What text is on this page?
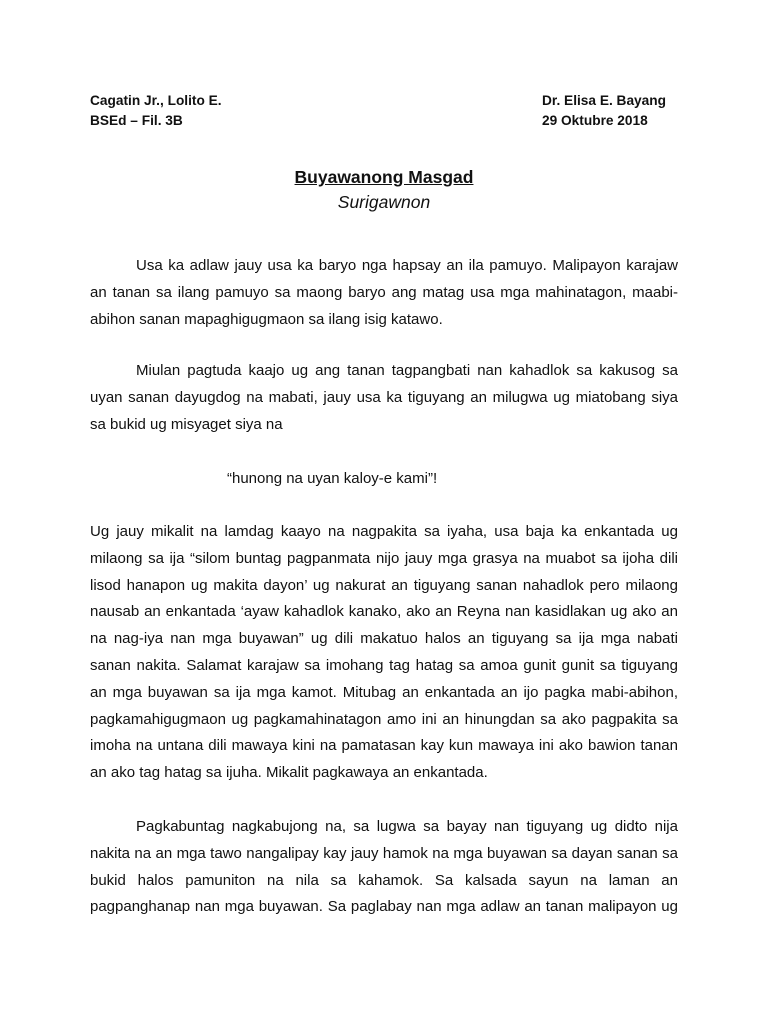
Cagatin Jr., Lolito E.
BSEd – Fil. 3B
Dr. Elisa E. Bayang
29 Oktubre 2018
Buyawanong Masgad
Surigawnon
Usa ka adlaw jauy usa ka baryo nga hapsay an ila pamuyo. Malipayon karajaw
an tanan sa ilang pamuyo sa maong baryo ang matag usa mga mahinatagon, maabi-
abihon sanan mapaghigugmaon sa ilang isig katawo.
Miulan pagtuda kaajo ug ang tanan tagpangbati nan kahadlok sa kakusog sa
uyan sanan dayugdog na mabati, jauy usa ka tiguyang an milugwa ug miatobang siya
sa bukid ug misyaget siya na
“hunong na uyan kaloy-e kami”!
Ug jauy mikalit na lamdag kaayo na nagpakita sa iyaha, usa baja ka enkantada ug
milaong sa ija “silom buntag pagpanmata nijo jauy mga grasya na muabot sa ijoha dili
lisod hanapon ug makita dayon’ ug nakurat an tiguyang sanan nahadlok pero milaong
nausab an enkantada ‘ayaw kahadlok kanako, ako an Reyna nan kasidlakan ug ako an
na nag-iya nan mga buyawan” ug dili makatuo halos an tiguyang sa ija mga nabati
sanan nakita. Salamat karajaw sa imohang tag hatag sa amoa gunit gunit sa tiguyang
an mga buyawan sa ija mga kamot. Mitubag an enkantada an ijo pagka mabi-abihon,
pagkamahigugmaon ug pagkamahinatagon amo ini an hinungdan sa ako pagpakita sa
imoha na untana dili mawaya kini na pamatasan kay kun mawaya ini ako bawion tanan
an ako tag hatag sa ijuha. Mikalit pagkawaya an enkantada.
Pagkabuntag nagkabujong na, sa lugwa sa bayay nan tiguyang ug didto nija
nakita na an mga tawo nangalipay kay jauy hamok na mga buyawan sa dayan sanan sa
bukid halos pamuniton na nila sa kahamok. Sa kalsada sayun na laman an
pagpanghanap nan mga buyawan. Sa paglabay nan mga adlaw an tanan malipayon ug
